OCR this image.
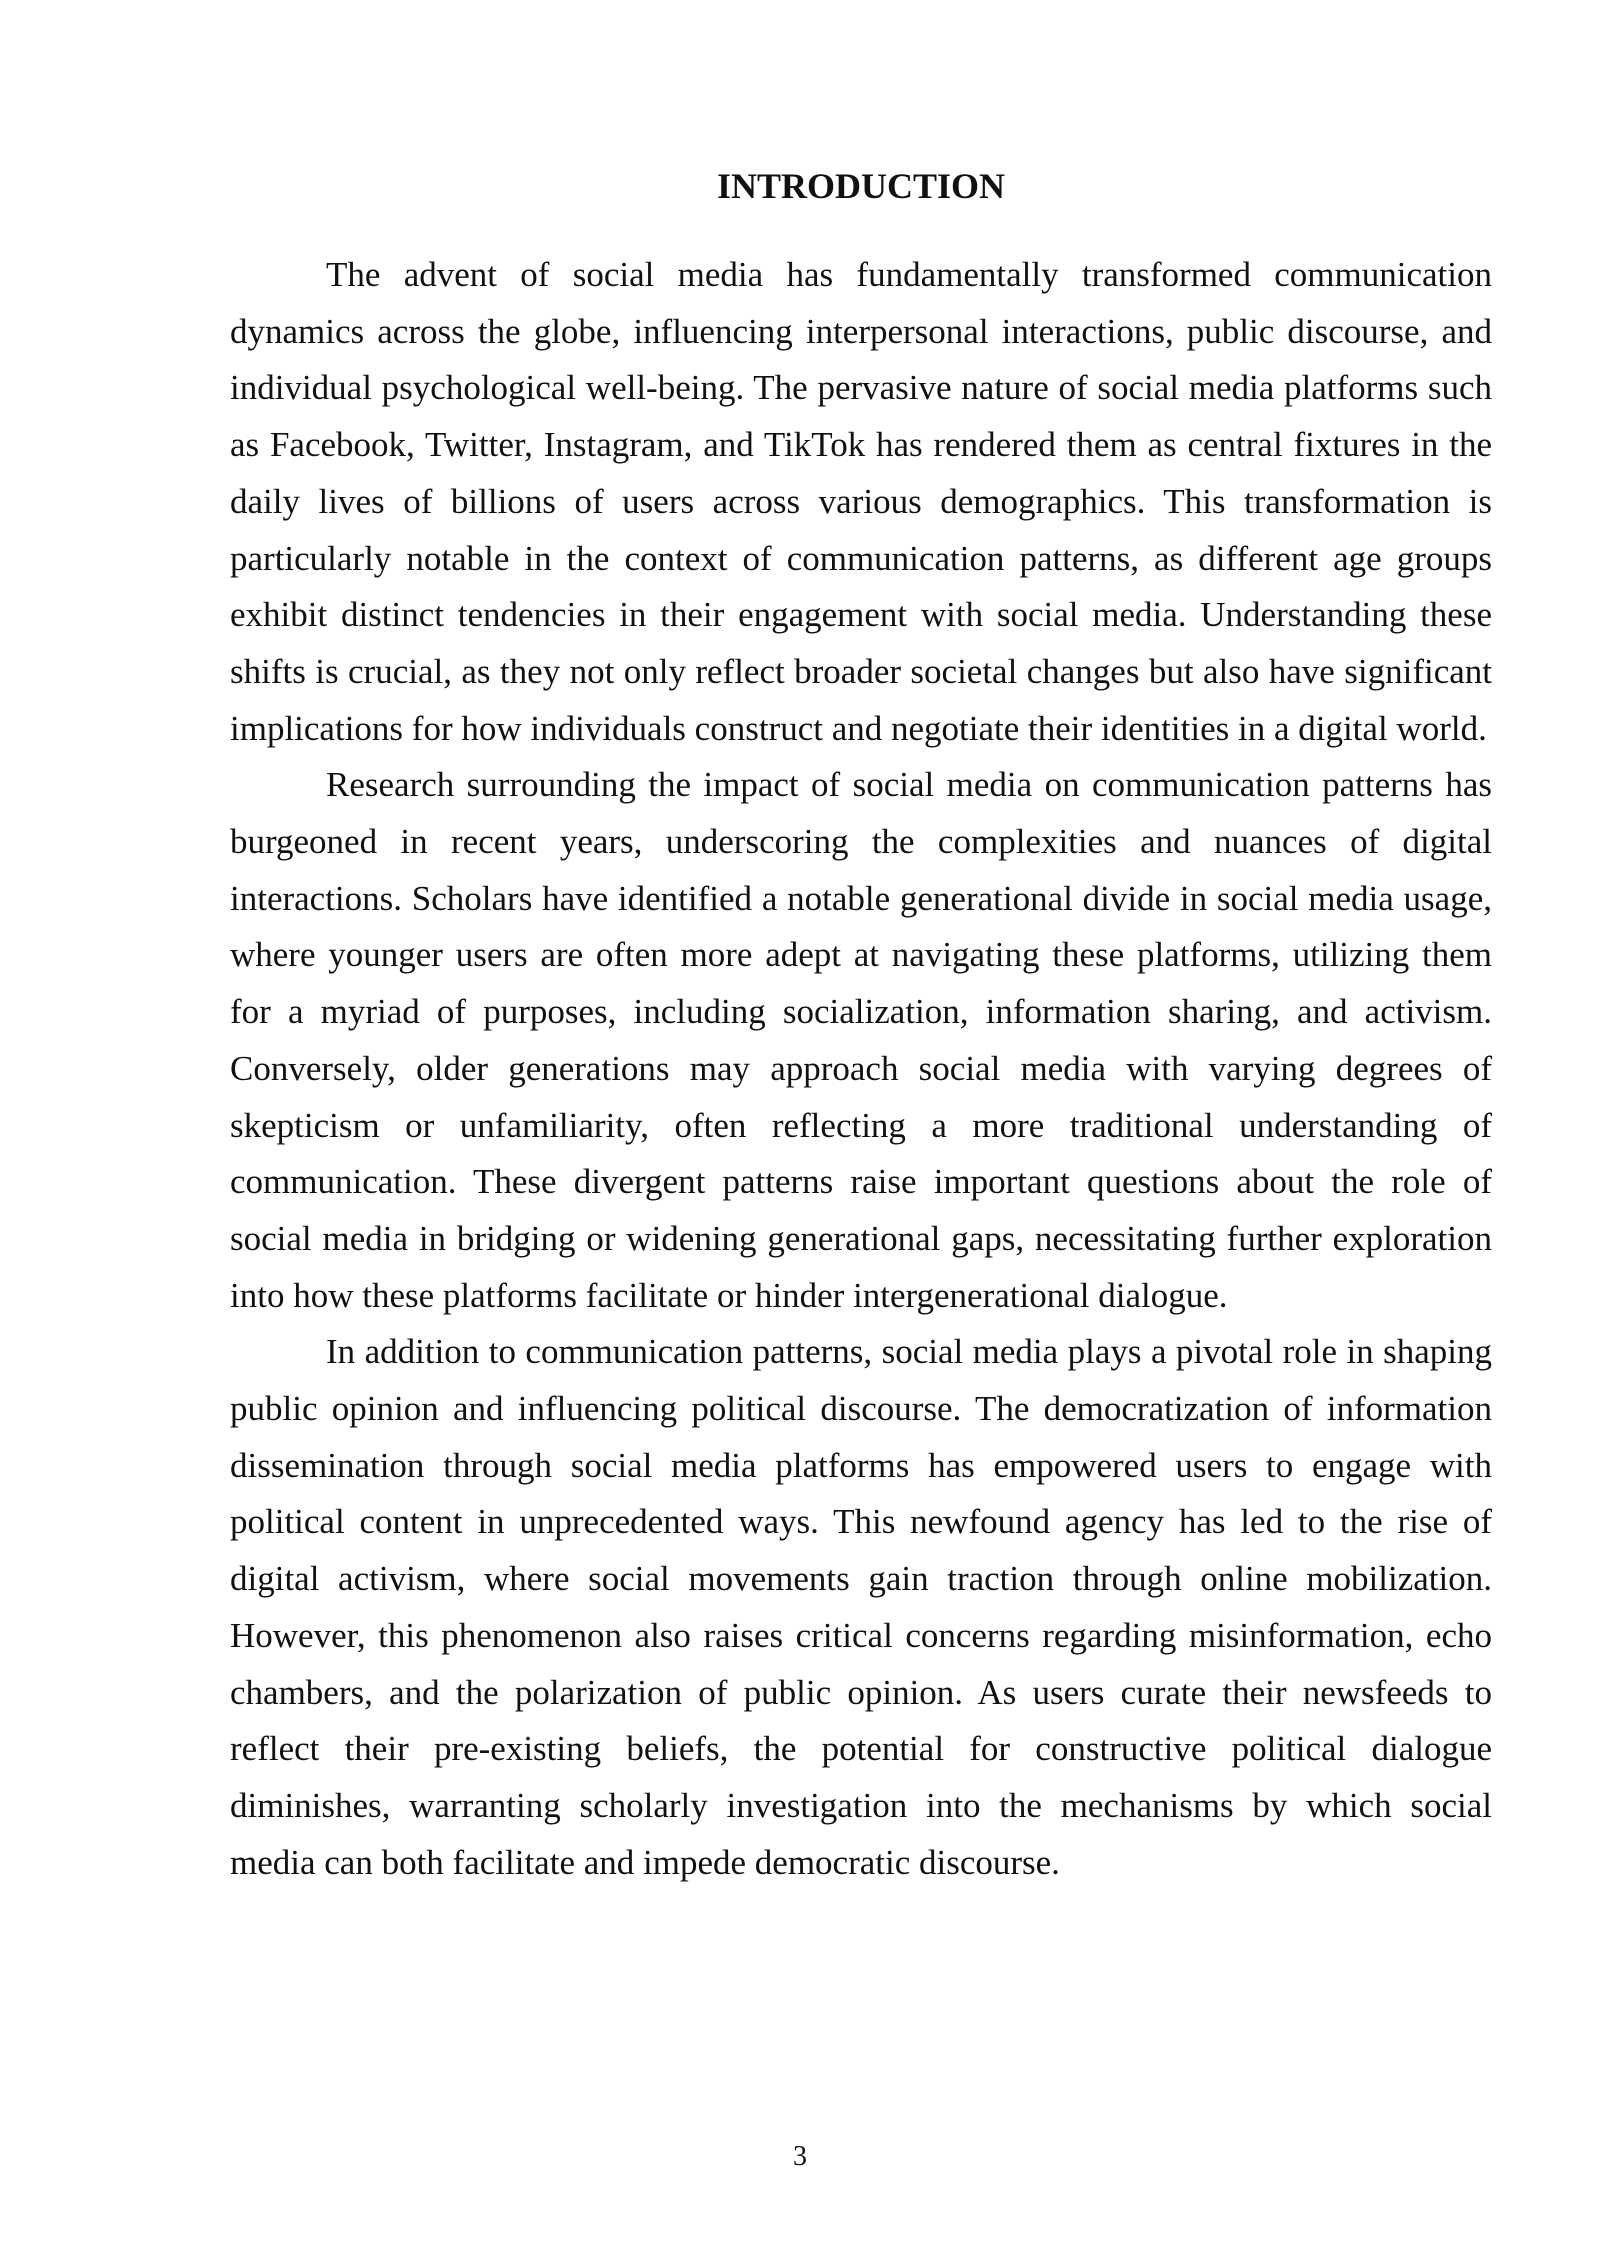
INTRODUCTION

The advent of social media has fundamentally transformed communication dynamics across the globe, influencing interpersonal interactions, public discourse, and individual psychological well-being. The pervasive nature of social media platforms such as Facebook, Twitter, Instagram, and TikTok has rendered them as central fixtures in the daily lives of billions of users across various demographics. This transformation is particularly notable in the context of communication patterns, as different age groups exhibit distinct tendencies in their engagement with social media. Understanding these shifts is crucial, as they not only reflect broader societal changes but also have significant implications for how individuals construct and negotiate their identities in a digital world.

Research surrounding the impact of social media on communication patterns has burgeoned in recent years, underscoring the complexities and nuances of digital interactions. Scholars have identified a notable generational divide in social media usage, where younger users are often more adept at navigating these platforms, utilizing them for a myriad of purposes, including socialization, information sharing, and activism. Conversely, older generations may approach social media with varying degrees of skepticism or unfamiliarity, often reflecting a more traditional understanding of communication. These divergent patterns raise important questions about the role of social media in bridging or widening generational gaps, necessitating further exploration into how these platforms facilitate or hinder intergenerational dialogue.

In addition to communication patterns, social media plays a pivotal role in shaping public opinion and influencing political discourse. The democratization of information dissemination through social media platforms has empowered users to engage with political content in unprecedented ways. This newfound agency has led to the rise of digital activism, where social movements gain traction through online mobilization. However, this phenomenon also raises critical concerns regarding misinformation, echo chambers, and the polarization of public opinion. As users curate their newsfeeds to reflect their pre-existing beliefs, the potential for constructive political dialogue diminishes, warranting scholarly investigation into the mechanisms by which social media can both facilitate and impede democratic discourse.

3
